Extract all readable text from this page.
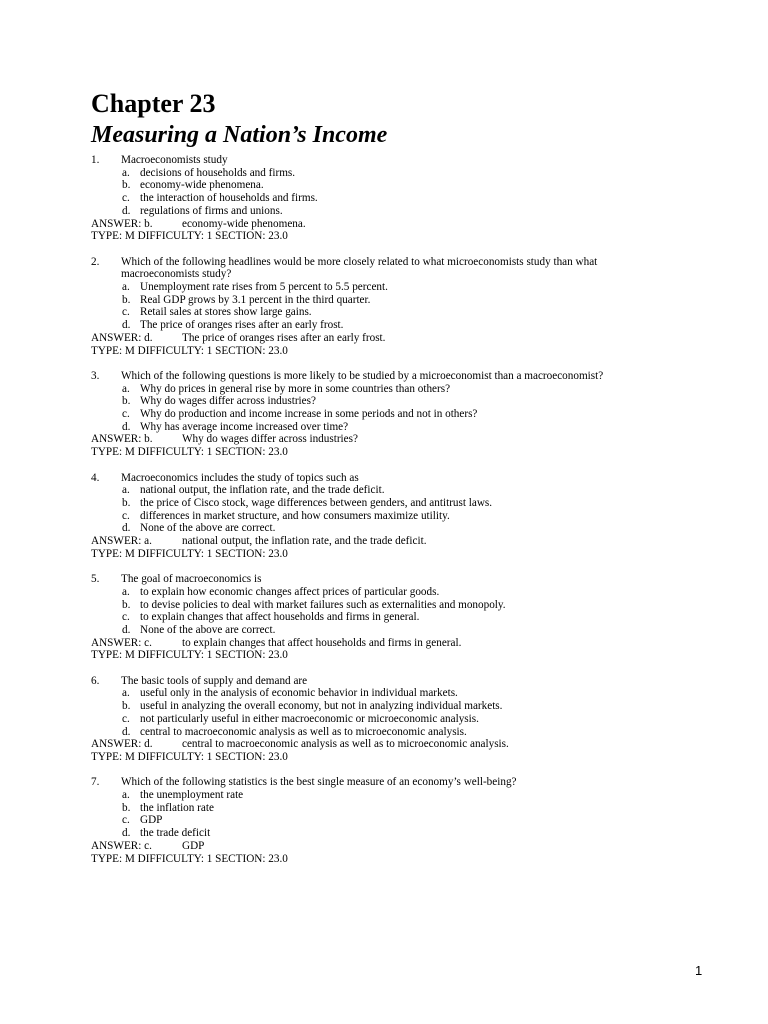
Chapter 23
Measuring a Nation’s Income
1.	Macroeconomists study
a. decisions of households and firms.
b. economy-wide phenomena.
c. the interaction of households and firms.
d. regulations of firms and unions.
ANSWER: b.	economy-wide phenomena.
TYPE: M DIFFICULTY: 1 SECTION: 23.0
2.	Which of the following headlines would be more closely related to what microeconomists study than what macroeconomists study?
a. Unemployment rate rises from 5 percent to 5.5 percent.
b. Real GDP grows by 3.1 percent in the third quarter.
c. Retail sales at stores show large gains.
d. The price of oranges rises after an early frost.
ANSWER: d.	The price of oranges rises after an early frost.
TYPE: M DIFFICULTY: 1 SECTION: 23.0
3.	Which of the following questions is more likely to be studied by a microeconomist than a macroeconomist?
a. Why do prices in general rise by more in some countries than others?
b. Why do wages differ across industries?
c. Why do production and income increase in some periods and not in others?
d. Why has average income increased over time?
ANSWER: b.	Why do wages differ across industries?
TYPE: M DIFFICULTY: 1 SECTION: 23.0
4.	Macroeconomics includes the study of topics such as
a. national output, the inflation rate, and the trade deficit.
b. the price of Cisco stock, wage differences between genders, and antitrust laws.
c. differences in market structure, and how consumers maximize utility.
d. None of the above are correct.
ANSWER: a.	national output, the inflation rate, and the trade deficit.
TYPE: M DIFFICULTY: 1 SECTION: 23.0
5.	The goal of macroeconomics is
a. to explain how economic changes affect prices of particular goods.
b. to devise policies to deal with market failures such as externalities and monopoly.
c. to explain changes that affect households and firms in general.
d. None of the above are correct.
ANSWER: c.	to explain changes that affect households and firms in general.
TYPE: M DIFFICULTY: 1 SECTION: 23.0
6.	The basic tools of supply and demand are
a. useful only in the analysis of economic behavior in individual markets.
b. useful in analyzing the overall economy, but not in analyzing individual markets.
c. not particularly useful in either macroeconomic or microeconomic analysis.
d. central to macroeconomic analysis as well as to microeconomic analysis.
ANSWER: d.	central to macroeconomic analysis as well as to microeconomic analysis.
TYPE: M DIFFICULTY: 1 SECTION: 23.0
7.	Which of the following statistics is the best single measure of an economy’s well-being?
a. the unemployment rate
b. the inflation rate
c. GDP
d. the trade deficit
ANSWER: c.	GDP
TYPE: M DIFFICULTY: 1 SECTION: 23.0
1
